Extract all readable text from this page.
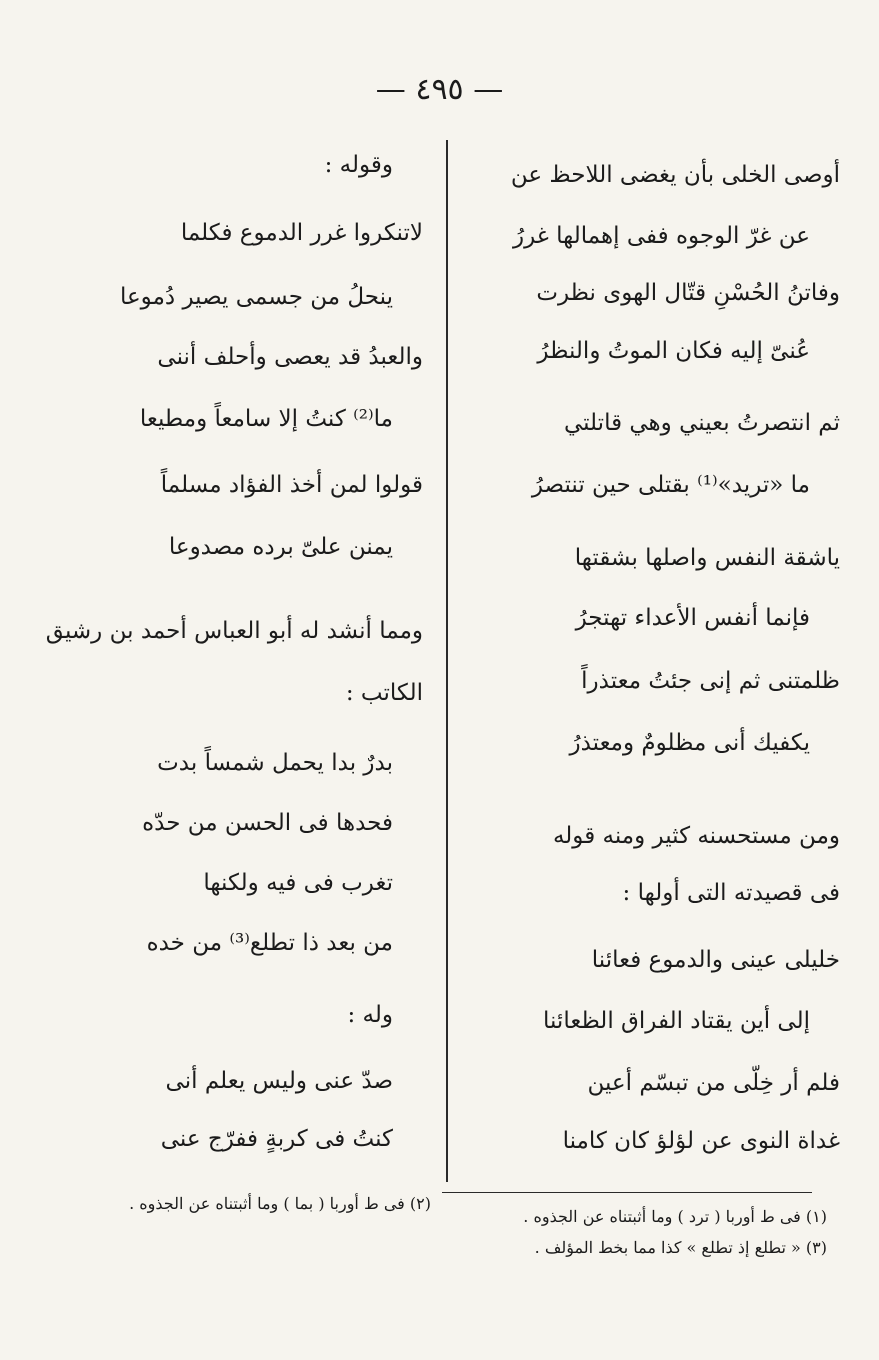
— ٤٩٥ —
أوصى الخلى بأن يغضى اللاحظ عن
عن غرّ الوجوه ففى إهمالها غررُ
وفاتنُ الحُسْنِ قتّال الهوى نظرت
عُنىّ إليه فكان الموتُ والنظرُ
ثم انتصرتُ بعيني وهي قاتلتي
ما «تريد»⁽¹⁾ بقتلى حين تنتصرُ
ياشقة النفس واصلها بشقتها
فإنما أنفس الأعداء تهتجرُ
ظلمتنى ثم إنى جئتُ معتذراً
يكفيك أنى مظلومٌ ومعتذرُ
ومن مستحسنه كثير ومنه قوله
فى قصيدته التى أولها :
خليلى عينى والدموع فعائنا
إلى أين يقتاد الفراق الظعائنا
فلم أر خِلّى من تبسّم أعين
غداة النوى عن لؤلؤ كان كامنا
وقوله :
لاتنكروا غرر الدموع فكلما
ينحلُ من جسمى يصير دُموعا
والعبدُ قد يعصى وأحلف أننى
ما⁽²⁾ كنتُ إلا سامعاً ومطيعا
قولوا لمن أخذ الفؤاد مسلماً
يمنن علىّ برده مصدوعا
ومما أنشد له أبو العباس أحمد بن رشيق
الكاتب :
بدرٌ بدا يحمل شمساً بدت
فحدها فى الحسن من حدّه
تغرب فى فيه ولكنها
من بعد ذا تطلع⁽³⁾ من خده
وله :
صدّ عنى وليس يعلم أنى
كنتُ فى كربةٍ ففرّج عنى
(١) فى ط أوربا ( ترد ) وما أثبتناه عن الجذوه .
(٣) « تطلع إذ تطلع » كذا مما بخط المؤلف .
(٢) فى ط أوربا ( بما ) وما أثبتناه عن الجذوه .
